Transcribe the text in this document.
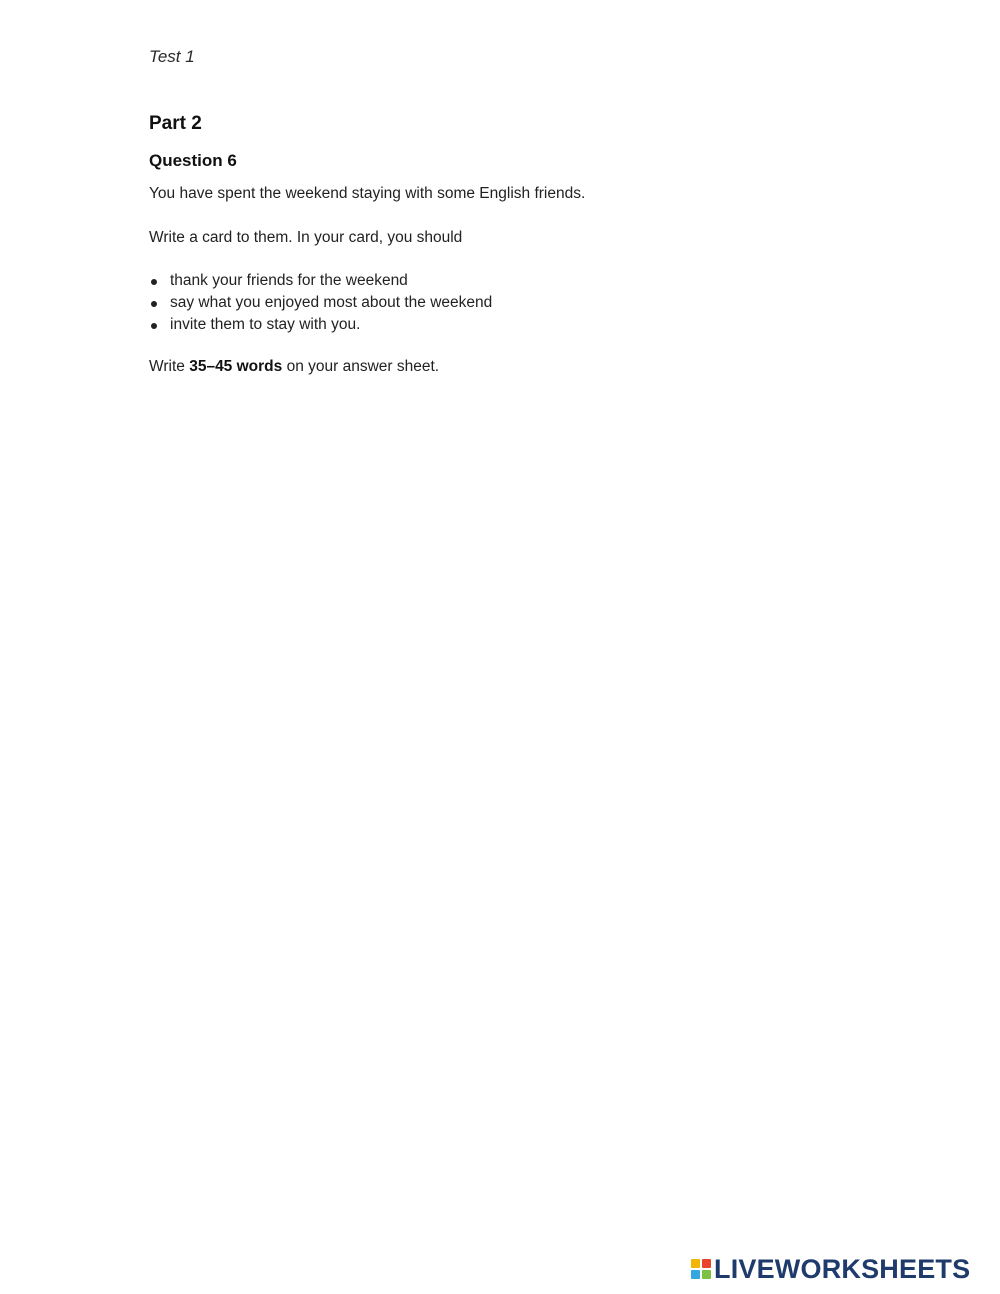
Test 1
Part 2
Question 6
You have spent the weekend staying with some English friends.
Write a card to them. In your card, you should
thank your friends for the weekend
say what you enjoyed most about the weekend
invite them to stay with you.
Write 35–45 words on your answer sheet.
LIVEWORKSHEETS
